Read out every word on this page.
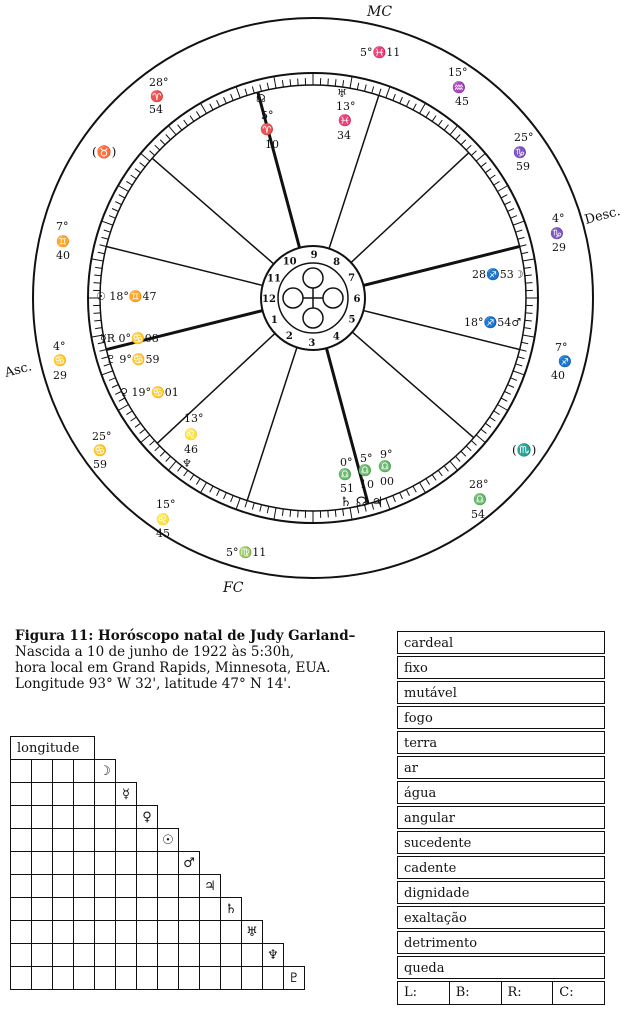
1
2
3
4
5
6
7
8
9
10
11
12
MC
Desc.
Asc.
FC
5°♓11
28°
♈
54
15°
♒
45
25°
♑
59
4°
♑
29
7°
♐
40
28°
♎
54
5°♍11
15°
♌
45
25°
♋
59
4°
♋
29
7°
♊
40
(♉)
(♏)
☊
5°
♈
10
♅
13°
♓
34
28♐53☽
18°♐54♂
☉ 18°♊47
☿R 0°♋08
♇ 9°♋59
♀ 19°♋01
13°
♌
46
♆	0° 5° 9°
♎ ♎ ♎
51 10 00
♄ ☊ ♃
Figura 11: Horóscopo natal de Judy Garland–
Nascida a 10 de junho de 1922 às 5:30h,
hora local em Grand Rapids, Minnesota, EUA.
Longitude 93° W 32', latitude 47° N 14'.
longitude													
				☽									
					☿								
						♀							
							☉						
								♂					
									♃				
										♄			
											♅		
												♆	
													♇
cardeal
fixo
mutável
fogo
terra
ar
água
angular
sucedente
cadente
dignidade
exaltação
detrimento
queda
L:	B:	R:	C:
